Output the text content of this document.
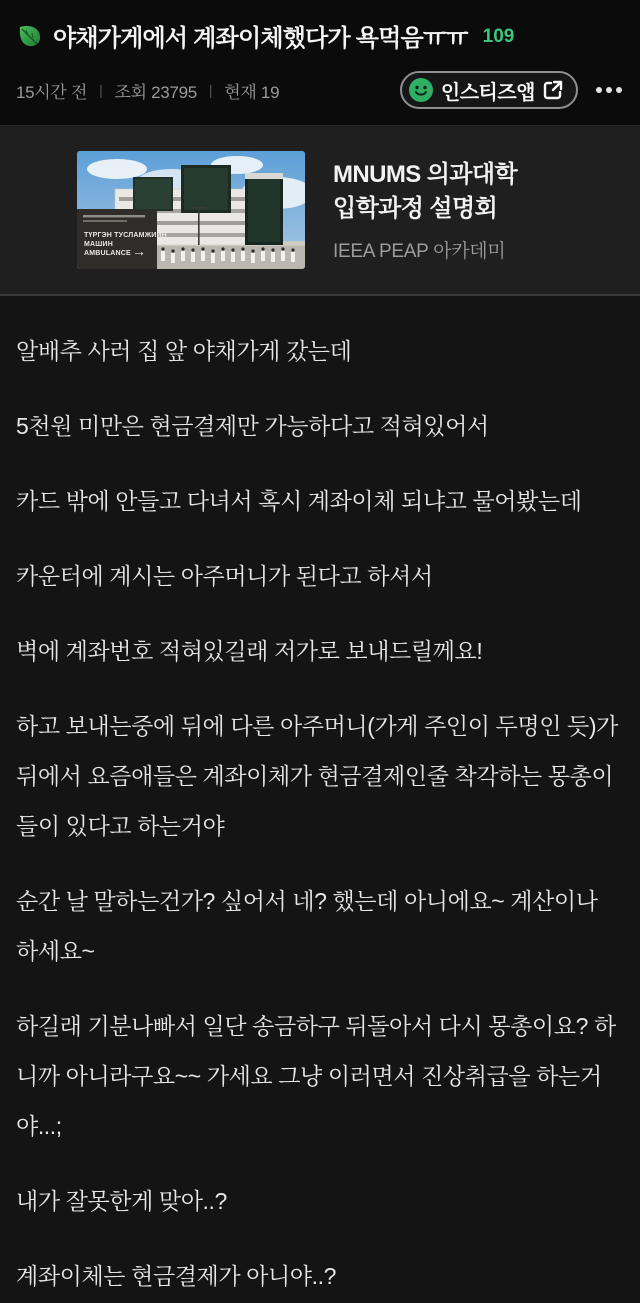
야채가게에서 계좌이체했다가 욕먹음ㅠㅠ 109
15시간 전 | 조회 23795 | 현재 19	인스티즈앱
ТҮРГЭН ТУСЛАМЖИЙН
МАШИН
AMBULANCE →
MNUMS 의과대학
입학과정 설명회
IEEA PEAP 아카데미

알배추 사러 집 앞 야채가게 갔는데

5천원 미만은 현금결제만 가능하다고 적혀있어서

카드 밖에 안들고 다녀서 혹시 계좌이체 되냐고 물어봤는데

카운터에 계시는 아주머니가 된다고 하셔서

벽에 계좌번호 적혀있길래 저가로 보내드릴께요!

하고 보내는중에 뒤에 다른 아주머니(가게 주인이 두명인 듯)가 뒤에서 요즘애들은 계좌이체가 현금결제인줄 착각하는 몽총이들이 있다고 하는거야

순간 날 말하는건가? 싶어서 네? 했는데 아니에요~ 계산이나 하세요~

하길래 기분나빠서 일단 송금하구 뒤돌아서 다시 몽총이요? 하니까 아니라구요~~ 가세요 그냥 이러면서 진상취급을 하는거야...;

내가 잘못한게 맞아..?

계좌이체는 현금결제가 아니야..?
